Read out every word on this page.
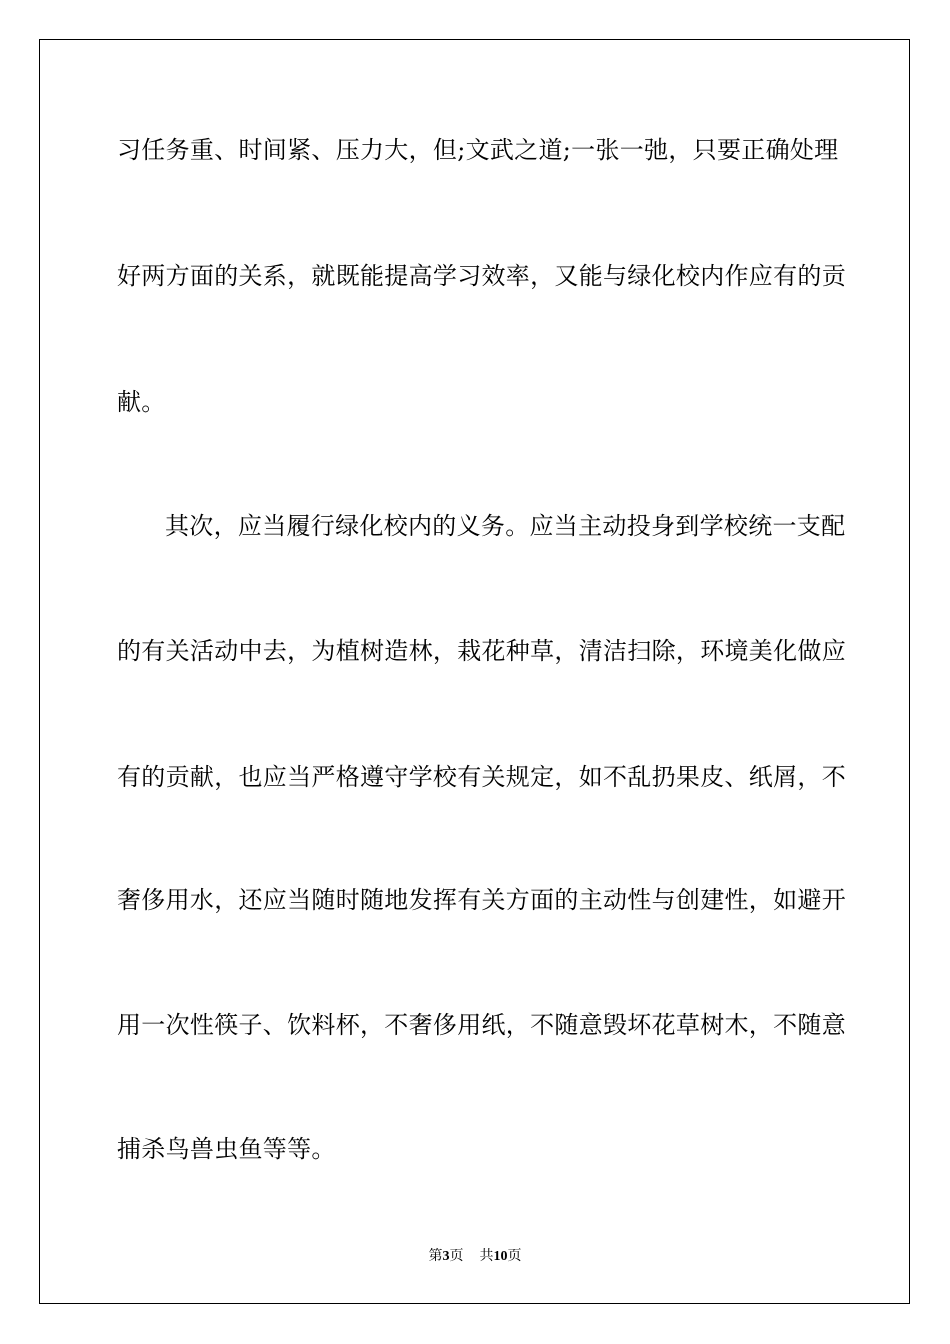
习任务重、时间紧、压力大，但;文武之道;一张一弛，只要正确处理
好两方面的关系，就既能提高学习效率，又能与绿化校内作应有的贡
献。
其次，应当履行绿化校内的义务。应当主动投身到学校统一支配
的有关活动中去，为植树造林，栽花种草，清洁扫除，环境美化做应
有的贡献，也应当严格遵守学校有关规定，如不乱扔果皮、纸屑，不
奢侈用水，还应当随时随地发挥有关方面的主动性与创建性，如避开
用一次性筷子、饮料杯，不奢侈用纸，不随意毁坏花草树木，不随意
捕杀鸟兽虫鱼等等。
第3页 共10页
